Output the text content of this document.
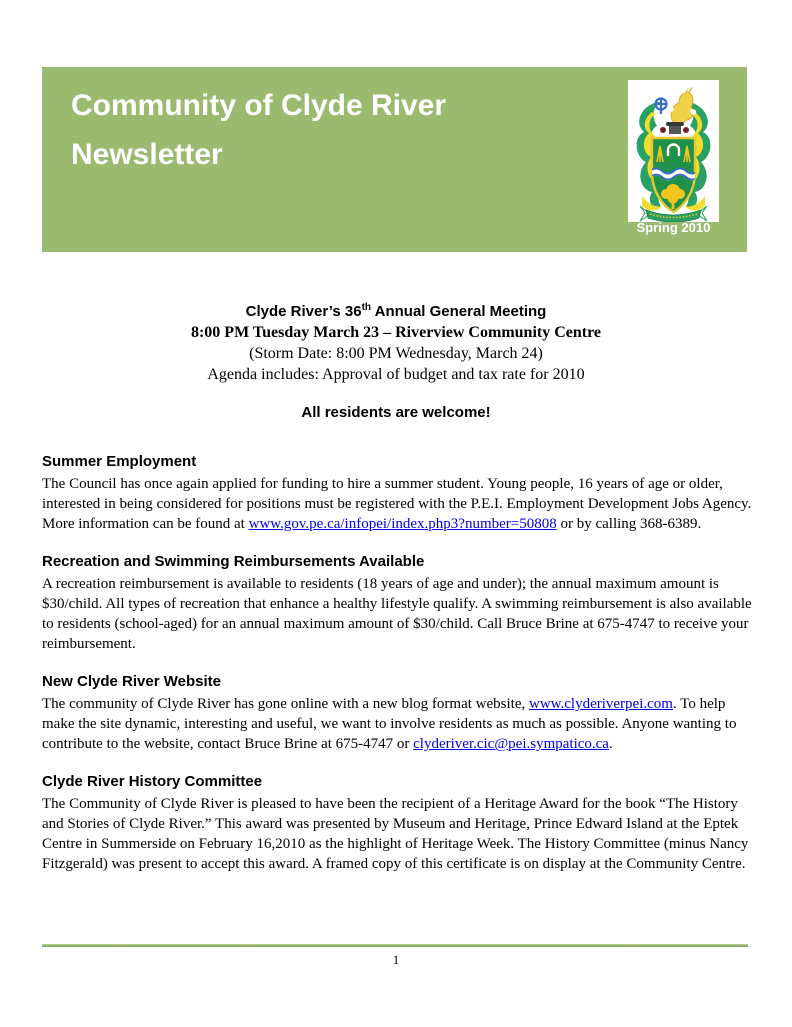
Community of Clyde River
Newsletter
Spring 2010
Clyde River’s 36th Annual General Meeting
8:00 PM Tuesday March 23 – Riverview Community Centre
(Storm Date: 8:00 PM Wednesday, March 24)
Agenda includes: Approval of budget and tax rate for 2010
All residents are welcome!
Summer Employment

The Council has once again applied for funding to hire a summer student. Young people, 16 years of age or older, interested in being considered for positions must be registered with the P.E.I. Employment Development Jobs Agency. More information can be found at www.gov.pe.ca/infopei/index.php3?number=50808 or by calling 368-6389.

Recreation and Swimming Reimbursements Available

A recreation reimbursement is available to residents (18 years of age and under); the annual maximum amount is $30/child. All types of recreation that enhance a healthy lifestyle qualify. A swimming reimbursement is also available to residents (school-aged) for an annual maximum amount of $30/child. Call Bruce Brine at 675-4747 to receive your reimbursement.

New Clyde River Website

The community of Clyde River has gone online with a new blog format website, www.clyderiverpei.com. To help make the site dynamic, interesting and useful, we want to involve residents as much as possible. Anyone wanting to contribute to the website, contact Bruce Brine at 675-4747 or clyderiver.cic@pei.sympatico.ca.

Clyde River History Committee

The Community of Clyde River is pleased to have been the recipient of a Heritage Award for the book “The History and Stories of Clyde River.” This award was presented by Museum and Heritage, Prince Edward Island at the Eptek Centre in Summerside on February 16,2010 as the highlight of Heritage Week. The History Committee (minus Nancy Fitzgerald) was present to accept this award. A framed copy of this certificate is on display at the Community Centre.

1
